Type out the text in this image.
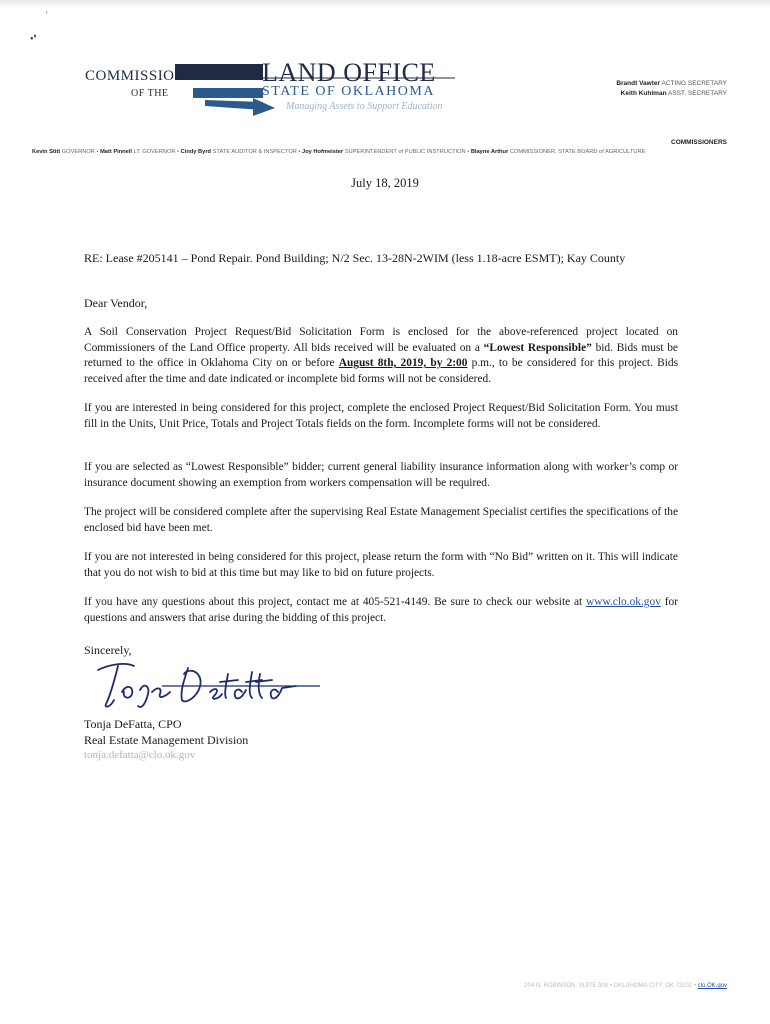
′
•❜
COMMISSIONERS
OF THE
LAND OFFICE
STATE OF OKLAHOMA
Managing Assets to Support Education
Brandt Vawter ACTING SECRETARY
Keith Kuhlman ASST. SECRETARY
COMMISSIONERS
Kevin Stitt GOVERNOR • Matt Pinnell LT. GOVERNOR • Cindy Byrd STATE AUDITOR & INSPECTOR • Joy Hofmeister SUPERINTENDENT of PUBLIC INSTRUCTION • Blayne Arthur COMMISSIONER, STATE BOARD of AGRICULTURE
July 18, 2019
RE: Lease #205141 – Pond Repair. Pond Building; N/2 Sec. 13-28N-2WIM (less 1.18-acre ESMT); Kay County
Dear Vendor,
A Soil Conservation Project Request/Bid Solicitation Form is enclosed for the above-referenced project located on Commissioners of the Land Office property. All bids received will be evaluated on a “Lowest Responsible” bid. Bids must be returned to the office in Oklahoma City on or before August 8th, 2019, by 2:00 p.m., to be considered for this project. Bids received after the time and date indicated or incomplete bid forms will not be considered.
If you are interested in being considered for this project, complete the enclosed Project Request/Bid Solicitation Form. You must fill in the Units, Unit Price, Totals and Project Totals fields on the form. Incomplete forms will not be considered.
If you are selected as “Lowest Responsible” bidder; current general liability insurance information along with worker’s comp or insurance document showing an exemption from workers compensation will be required.
The project will be considered complete after the supervising Real Estate Management Specialist certifies the specifications of the enclosed bid have been met.
If you are not interested in being considered for this project, please return the form with “No Bid” written on it. This will indicate that you do not wish to bid at this time but may like to bid on future projects.
If you have any questions about this project, contact me at 405-521-4149. Be sure to check our website at www.clo.ok.gov for questions and answers that arise during the bidding of this project.
Sincerely,
Tonja DeFatta, CPO
Real Estate Management Division
tonja.defatta@clo.ok.gov
204 N. ROBINSON, SUITE 900 • OKLAHOMA CITY, OK 73102 • clo.OK.gov
